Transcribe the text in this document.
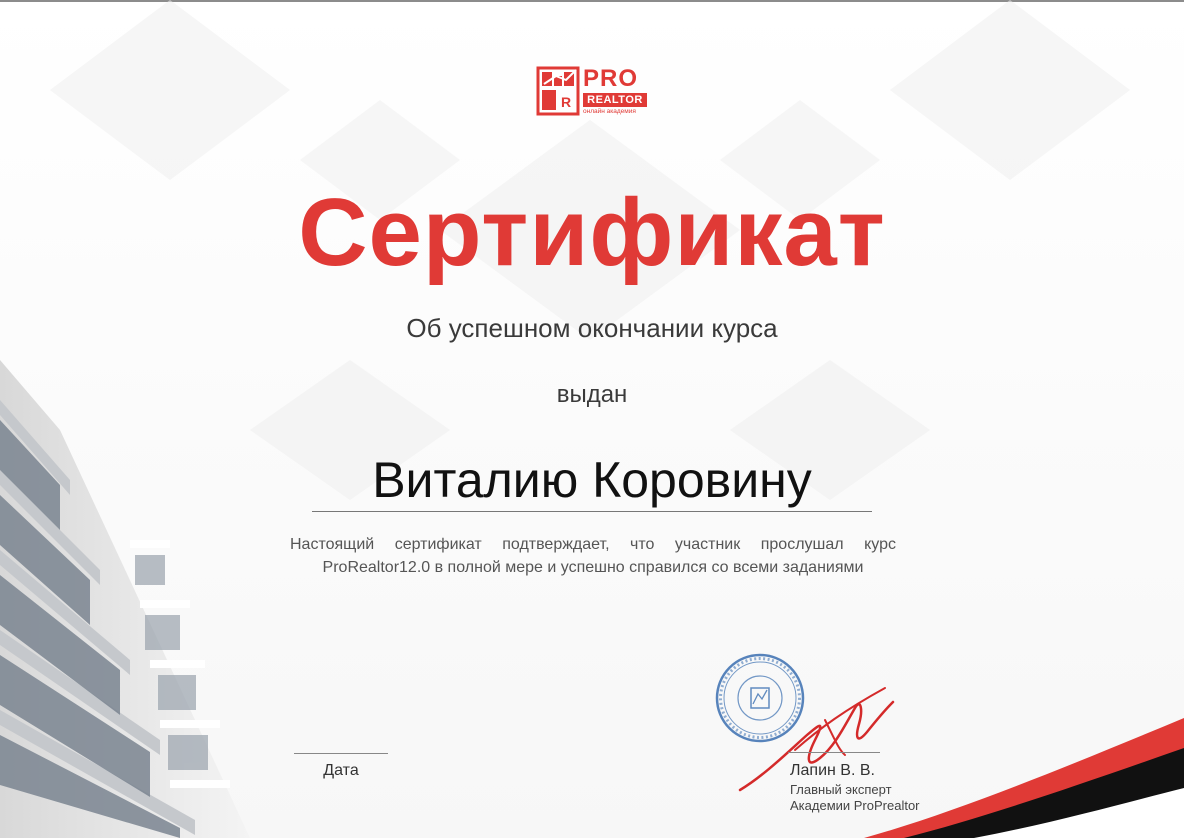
R
PRO
REALTOR
онлайн академия
Сертификат
Об успешном окончании курса
выдан
Виталию Коровину
Настоящий сертификат подтверждает, что участник прослушал курс
ProRealtor12.0 в полной мере и успешно справился со всеми заданиями
Дата	Лапин В. В.
Главный эксперт
Академии ProPrealtor
